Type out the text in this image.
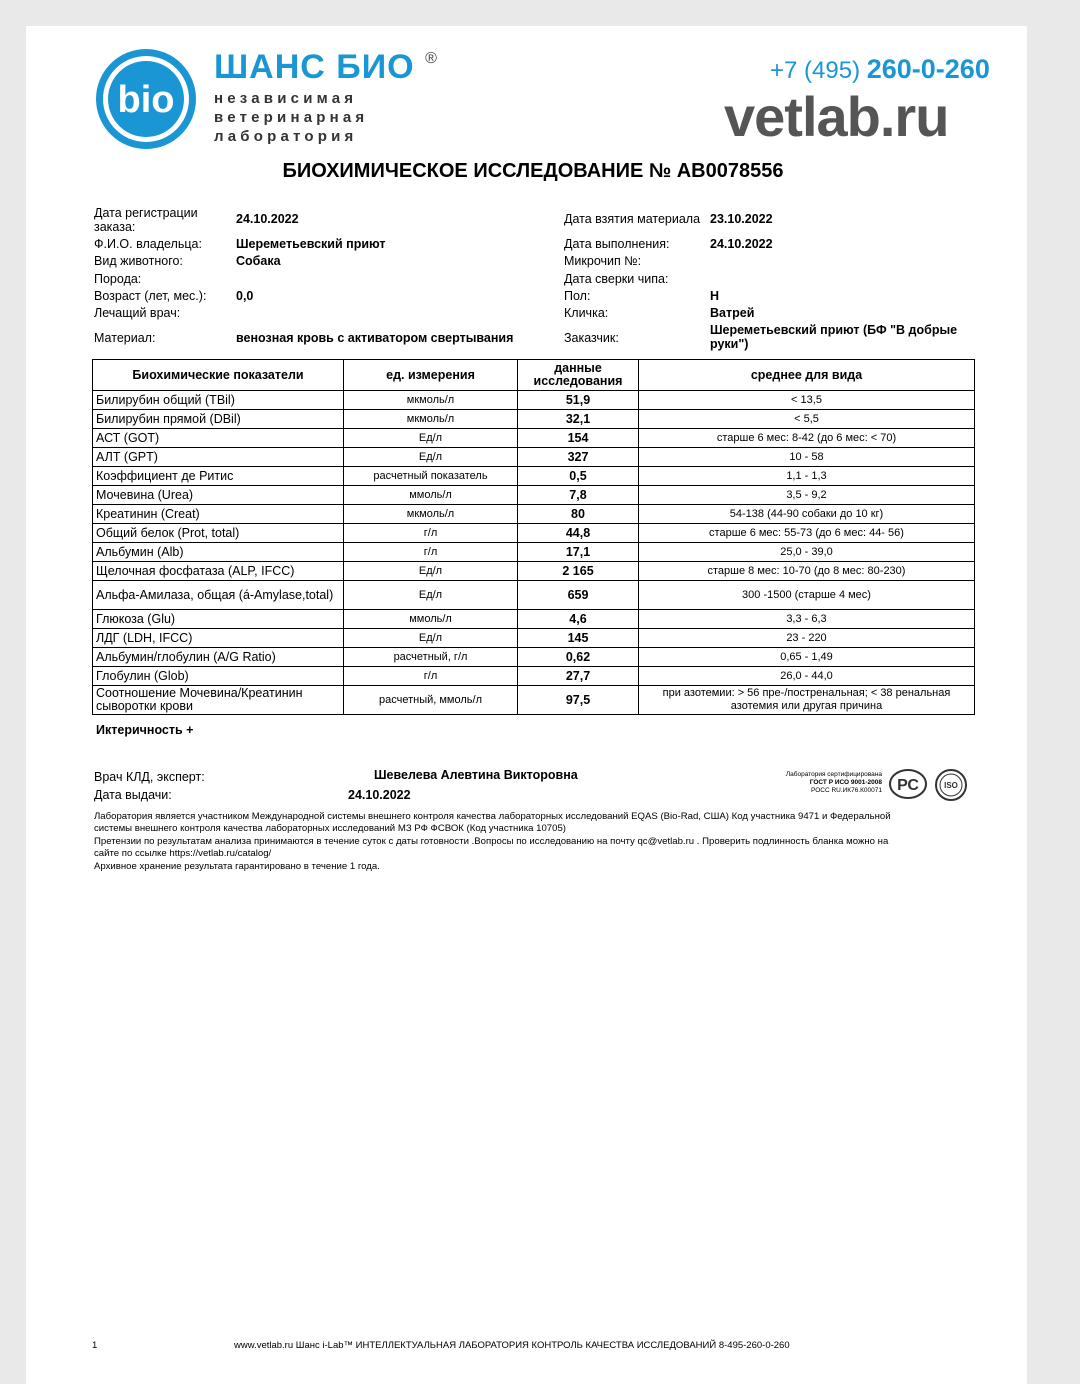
bio
ШАНС БИО ®
независимая
ветеринарная
лаборатория
+7 (495) 260-0-260
vetlab.ru
БИОХИМИЧЕСКОЕ ИССЛЕДОВАНИЕ № АВ0078556
Дата регистрации заказа:
24.10.2022
Ф.И.О. владельца:	Шереметьевский приют
Вид животного:	Собака
Порода:
Возраст (лет, мес.): 0,0
Лечащий врач:
Материал:	венозная кровь с активатором свертывания
Дата взятия материала 23.10.2022
Дата выполнения:	24.10.2022
Микрочип №:
Дата сверки чипа:
Пол:	Н
Кличка:	Ватрей
Заказчик:
Шереметьевский приют (БФ "В добрые руки")
Биохимические показатели	ед. измерения	данные исследования	среднее для вида
Билирубин общий (TBil)	мкмоль/л	51,9	< 13,5
Билирубин прямой (DBil)	мкмоль/л	32,1	< 5,5
АСТ (GOT)	Ед/л	154	старше 6 мес: 8-42 (до 6 мес: < 70)
АЛТ (GPT)	Ед/л	327	10 - 58
Коэффициент де Ритис	расчетный показатель	0,5	1,1 - 1,3
Мочевина (Urea)	ммоль/л	7,8	3,5 - 9,2
Креатинин (Creat)	мкмоль/л	80	54-138 (44-90 собаки до 10 кг)
Общий белок (Prot, total)	г/л	44,8	старше 6 мес: 55-73 (до 6 мес: 44- 56)
Альбумин (Alb)	г/л	17,1	25,0 - 39,0
Щелочная фосфатаза (ALP, IFCC)	Ед/л	2 165	старше 8 мес: 10-70 (до 8 мес: 80-230)
Альфа-Амилаза, общая (á-Amylase,total)	Ед/л	659	300 -1500 (старше 4 мес)
Глюкоза (Glu)	ммоль/л	4,6	3,3 - 6,3
ЛДГ (LDH, IFCC)	Ед/л	145	23 - 220
Альбумин/глобулин (A/G Ratio)	расчетный, г/л	0,62	0,65 - 1,49
Глобулин (Glob)	г/л	27,7	26,0 - 44,0
Соотношение Мочевина/Креатинин сыворотки крови	расчетный, ммоль/л	97,5	при азотемии: > 56 пре-/постренальная; < 38 ренальная азотемия или другая причина
Иктеричность +
Врач КЛД, эксперт:	Шевелева Алевтина Викторовна
Дата выдачи:	24.10.2022
Лаборатория сертифицирована
ГОСТ Р ИСО 9001-2008
РОСС RU.ИК76.К00071 РС	ISO
Лаборатория является участником Международной системы внешнего контроля качества лабораторных исследований EQAS (Bio-Rad, США) Код участника 9471 и Федеральной
системы внешнего контроля качества лабораторных исследований МЗ РФ ФСВОК (Код участника 10705)
Претензии по результатам анализа принимаются в течение суток с даты готовности .Вопросы по исследованию на почту qc@vetlab.ru . Проверить подлинность бланка можно на
сайте по ссылке https://vetlab.ru/catalog/
Архивное хранение результата гарантировано в течение 1 года.
1	www.vetlab.ru Шанс i-Lab™ ИНТЕЛЛЕКТУАЛЬНАЯ ЛАБОРАТОРИЯ КОНТРОЛЬ КАЧЕСТВА ИССЛЕДОВАНИЙ 8-495-260-0-260
